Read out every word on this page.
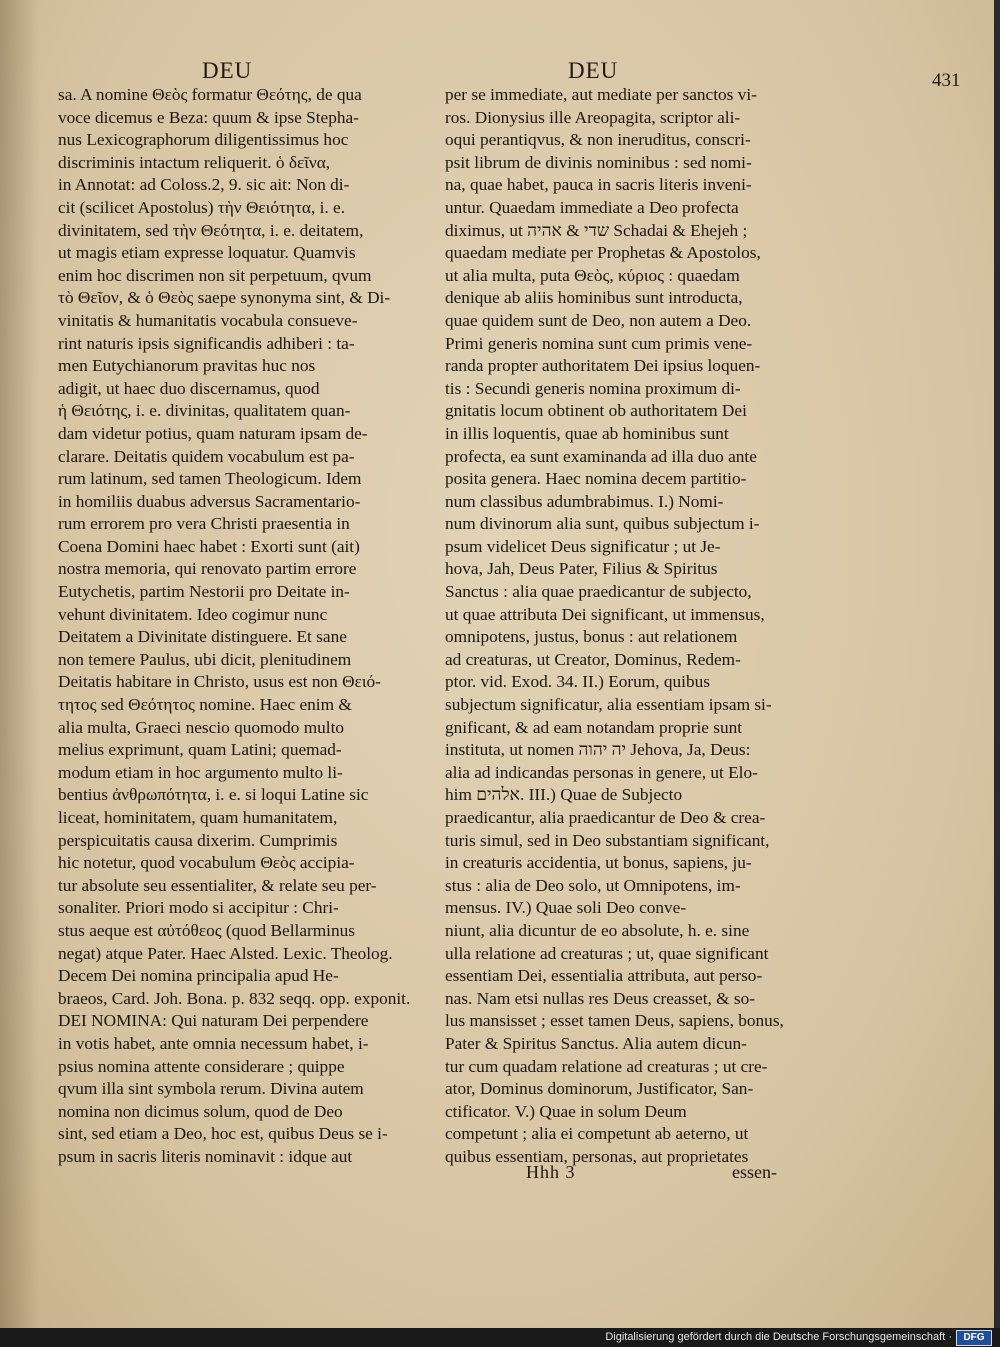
DEU	DEU	431
sa. A nomine Θεὸς formatur Θεότης, de qua
voce dicemus e Beza: quum & ipse Stepha-
nus Lexicographorum diligentissimus hoc
discriminis intactum reliquerit. ὁ δεῖνα,
in Annotat: ad Coloss.2, 9. sic ait: Non di-
cit (scilicet Apostolus) τὴν Θειότητα, i. e.
divinitatem, sed τὴν Θεότητα, i. e. deitatem,
ut magis etiam expresse loquatur. Quamvis
enim hoc discrimen non sit perpetuum, qvum
τὸ Θεῖον, & ὁ Θεὸς saepe synonyma sint, & Di-
vinitatis & humanitatis vocabula consueve-
rint naturis ipsis significandis adhiberi : ta-
men Eutychianorum pravitas huc nos
adigit, ut haec duo discernamus, quod
ἡ Θειότης, i. e. divinitas, qualitatem quan-
dam videtur potius, quam naturam ipsam de-
clarare. Deitatis quidem vocabulum est pa-
rum latinum, sed tamen Theologicum. Idem
in homiliis duabus adversus Sacramentario-
rum errorem pro vera Christi praesentia in
Coena Domini haec habet : Exorti sunt (ait)
nostra memoria, qui renovato partim errore
Eutychetis, partim Nestorii pro Deitate in-
vehunt divinitatem. Ideo cogimur nunc
Deitatem a Divinitate distinguere. Et sane
non temere Paulus, ubi dicit, plenitudinem
Deitatis habitare in Christo, usus est non Θειό-
τητος sed Θεότητος nomine. Haec enim &
alia multa, Graeci nescio quomodo multo
melius exprimunt, quam Latini; quemad-
modum etiam in hoc argumento multo li-
bentius ἀνθρωπότητα, i. e. si loqui Latine sic
liceat, hominitatem, quam humanitatem,
perspicuitatis causa dixerim. Cumprimis
hic notetur, quod vocabulum Θεὸς accipia-
tur absolute seu essentialiter, & relate seu per-
sonaliter. Priori modo si accipitur : Chri-
stus aeque est αὐτόθεος (quod Bellarminus
negat) atque Pater. Haec Alsted. Lexic. Theolog.
Decem Dei nomina principalia apud He-
braeos, Card. Joh. Bona. p. 832 seqq. opp. exponit.
DEI NOMINA: Qui naturam Dei perpendere
in votis habet, ante omnia necessum habet, i-
psius nomina attente considerare ; quippe
qvum illa sint symbola rerum. Divina autem
nomina non dicimus solum, quod de Deo
sint, sed etiam a Deo, hoc est, quibus Deus se i-
psum in sacris literis nominavit : idque aut
per se immediate, aut mediate per sanctos vi-
ros. Dionysius ille Areopagita, scriptor ali-
oqui perantiqvus, & non ineruditus, conscri-
psit librum de divinis nominibus : sed nomi-
na, quae habet, pauca in sacris literis inveni-
untur. Quaedam immediate a Deo profecta
diximus, ut שדי & אהיה Schadai & Ehejeh ;
quaedam mediate per Prophetas & Apostolos,
ut alia multa, puta Θεὸς, κύριος : quaedam
denique ab aliis hominibus sunt introducta,
quae quidem sunt de Deo, non autem a Deo.
Primi generis nomina sunt cum primis vene-
randa propter authoritatem Dei ipsius loquen-
tis : Secundi generis nomina proximum di-
gnitatis locum obtinent ob authoritatem Dei
in illis loquentis, quae ab hominibus sunt
profecta, ea sunt examinanda ad illa duo ante
posita genera. Haec nomina decem partitio-
num classibus adumbrabimus. I.) Nomi-
num divinorum alia sunt, quibus subjectum i-
psum videlicet Deus significatur ; ut Je-
hova, Jah, Deus Pater, Filius & Spiritus
Sanctus : alia quae praedicantur de subjecto,
ut quae attributa Dei significant, ut immensus,
omnipotens, justus, bonus : aut relationem
ad creaturas, ut Creator, Dominus, Redem-
ptor. vid. Exod. 34. II.) Eorum, quibus
subjectum significatur, alia essentiam ipsam si-
gnificant, & ad eam notandam proprie sunt
instituta, ut nomen יה יהוה Jehova, Ja, Deus:
alia ad indicandas personas in genere, ut Elo-
him אלהים. III.) Quae de Subjecto
praedicantur, alia praedicantur de Deo & crea-
turis simul, sed in Deo substantiam significant,
in creaturis accidentia, ut bonus, sapiens, ju-
stus : alia de Deo solo, ut Omnipotens, im-
mensus. IV.) Quae soli Deo conve-
niunt, alia dicuntur de eo absolute, h. e. sine
ulla relatione ad creaturas ; ut, quae significant
essentiam Dei, essentialia attributa, aut perso-
nas. Nam etsi nullas res Deus creasset, & so-
lus mansisset ; esset tamen Deus, sapiens, bonus,
Pater & Spiritus Sanctus. Alia autem dicun-
tur cum quadam relatione ad creaturas ; ut cre-
ator, Dominus dominorum, Justificator, San-
ctificator. V.) Quae in solum Deum
competunt ; alia ei competunt ab aeterno, ut
quibus essentiam, personas, aut proprietates
Hhh 3	essen-
Digitalisierung gefördert durch die Deutsche Forschungsgemeinschaft ·	DFG
